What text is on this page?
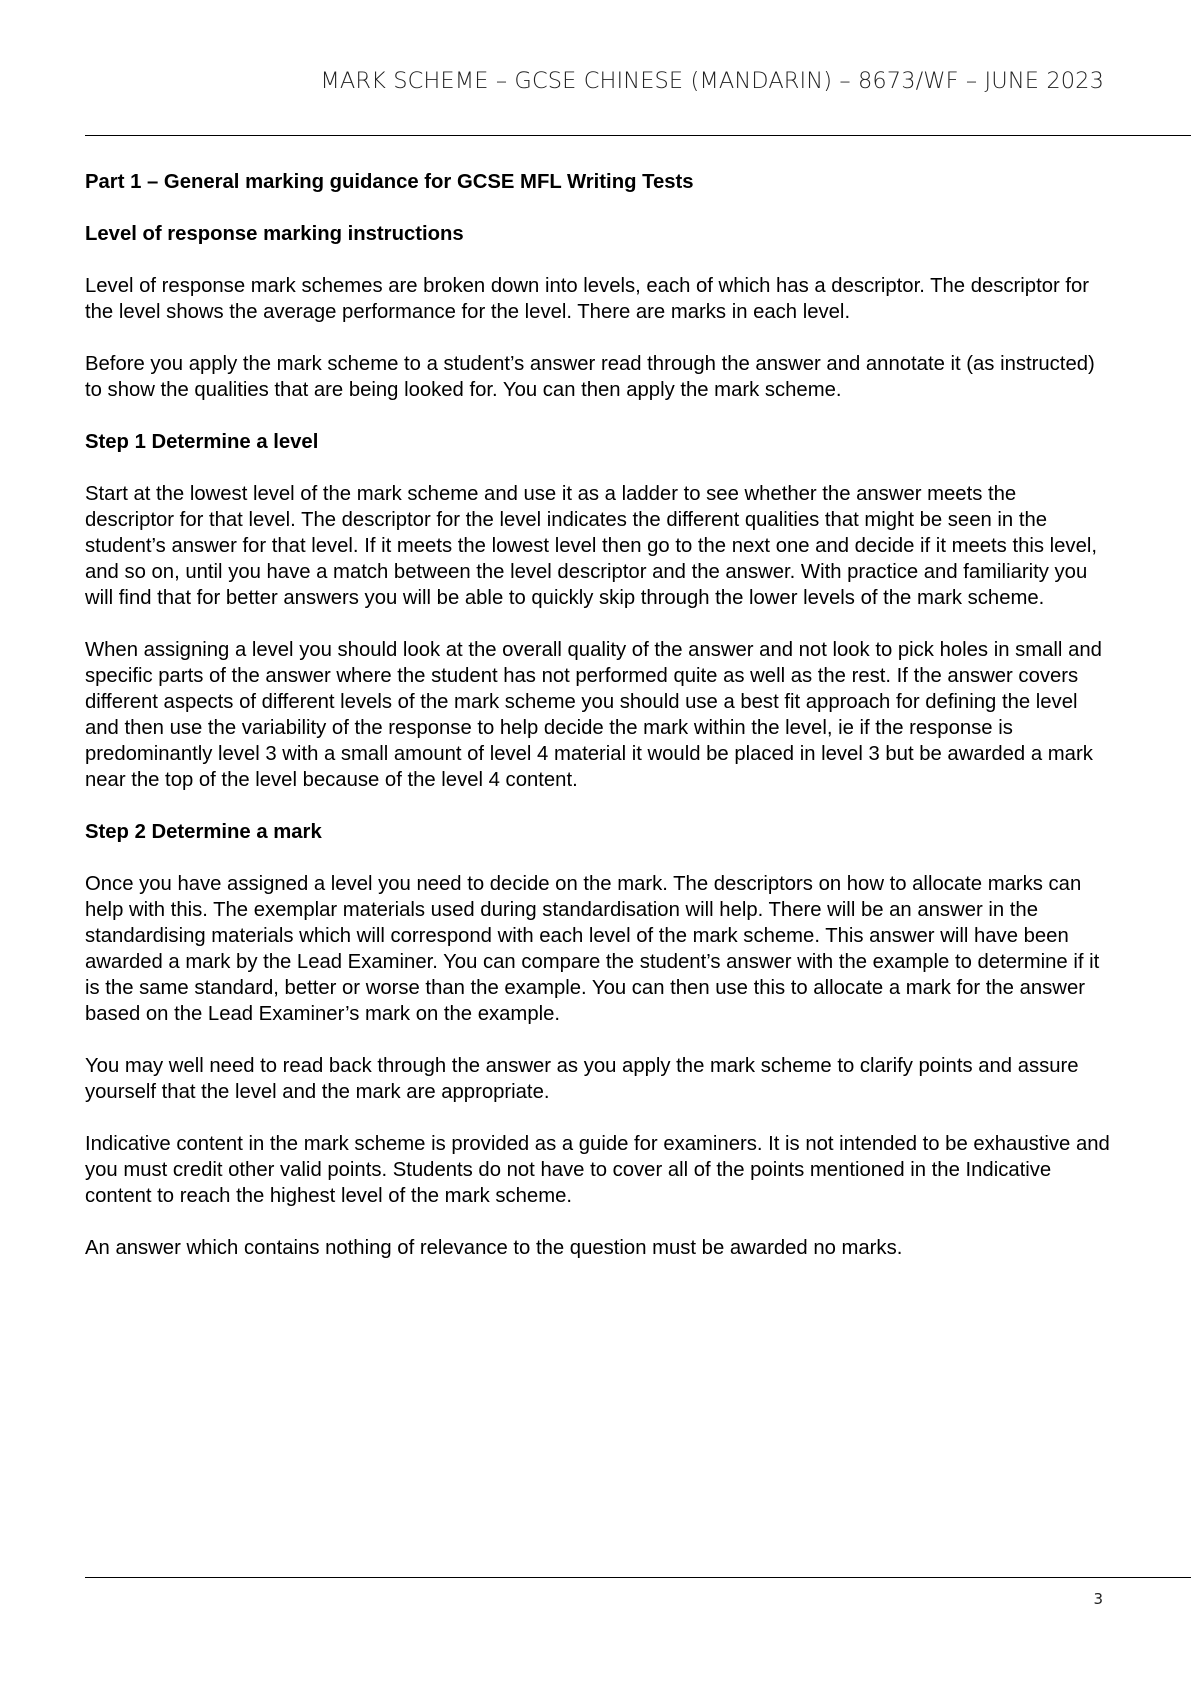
MARK SCHEME – GCSE CHINESE (MANDARIN) – 8673/WF – JUNE 2023
Part 1 – General marking guidance for GCSE MFL Writing Tests
Level of response marking instructions

Level of response mark schemes are broken down into levels, each of which has a descriptor. The descriptor for the level shows the average performance for the level. There are marks in each level.

Before you apply the mark scheme to a student’s answer read through the answer and annotate it (as instructed) to show the qualities that are being looked for. You can then apply the mark scheme.

Step 1 Determine a level

Start at the lowest level of the mark scheme and use it as a ladder to see whether the answer meets the descriptor for that level. The descriptor for the level indicates the different qualities that might be seen in the student’s answer for that level. If it meets the lowest level then go to the next one and decide if it meets this level, and so on, until you have a match between the level descriptor and the answer. With practice and familiarity you will find that for better answers you will be able to quickly skip through the lower levels of the mark scheme.

When assigning a level you should look at the overall quality of the answer and not look to pick holes in small and specific parts of the answer where the student has not performed quite as well as the rest. If the answer covers different aspects of different levels of the mark scheme you should use a best fit approach for defining the level and then use the variability of the response to help decide the mark within the level, ie if the response is predominantly level 3 with a small amount of level 4 material it would be placed in level 3 but be awarded a mark near the top of the level because of the level 4 content.

Step 2 Determine a mark

Once you have assigned a level you need to decide on the mark. The descriptors on how to allocate marks can help with this. The exemplar materials used during standardisation will help. There will be an answer in the standardising materials which will correspond with each level of the mark scheme. This answer will have been awarded a mark by the Lead Examiner. You can compare the student’s answer with the example to determine if it is the same standard, better or worse than the example. You can then use this to allocate a mark for the answer based on the Lead Examiner’s mark on the example.

You may well need to read back through the answer as you apply the mark scheme to clarify points and assure yourself that the level and the mark are appropriate.

Indicative content in the mark scheme is provided as a guide for examiners. It is not intended to be exhaustive and you must credit other valid points. Students do not have to cover all of the points mentioned in the Indicative content to reach the highest level of the mark scheme.

An answer which contains nothing of relevance to the question must be awarded no marks.

3
